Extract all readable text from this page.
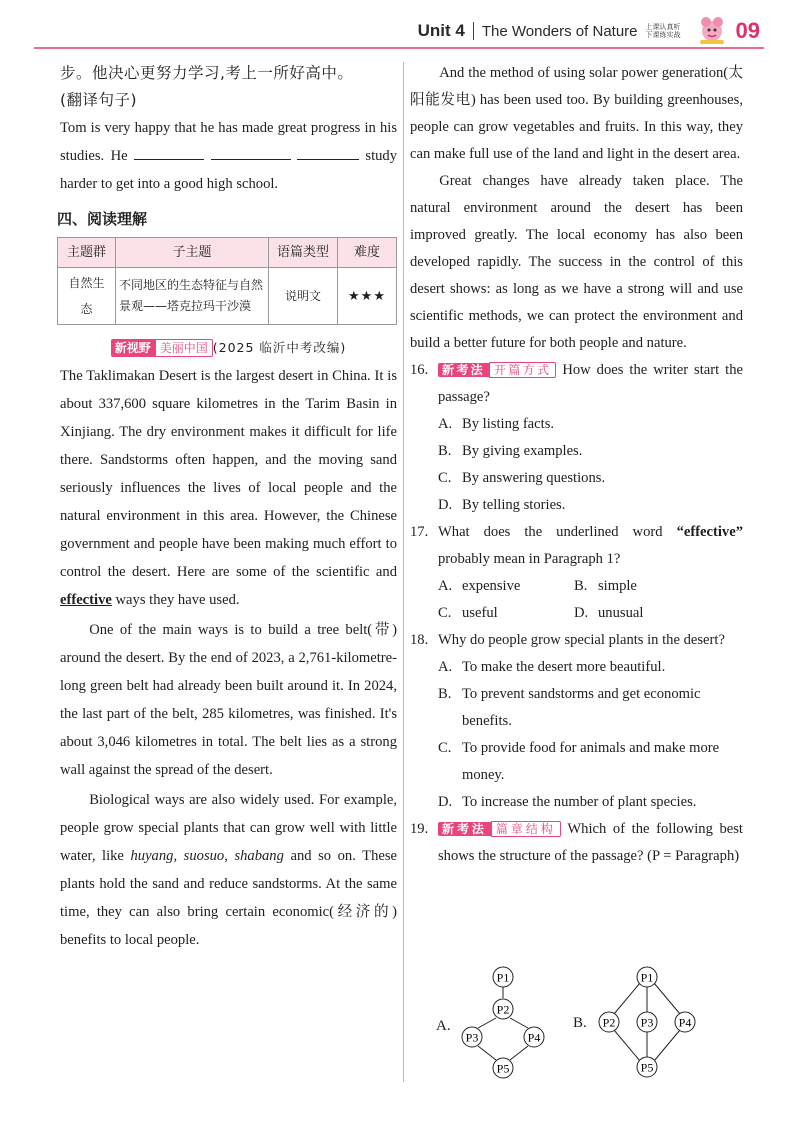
Unit 4 The Wonders of Nature 上课认真听
下课练实战	09

步。他决心更努力学习,考上一所好高中。

(翻译句子)

Tom is very happy that he has made great progress in his studies. He	study harder to get into a good high school.

四、阅读理解
主题群	子主题	语篇类型	难度
自然生态	不同地区的生态特征与自然景观——塔克拉玛干沙漠	说明文	★★★
新视野 美丽中国 (2025 临沂中考改编)

The Taklimakan Desert is the largest desert in China. It is about 337,600 square kilometres in the Tarim Basin in Xinjiang. The dry environment makes it difficult for life there. Sandstorms often happen, and the moving sand seriously influences the lives of local people and the natural environment in this area. However, the Chinese government and people have been making much effort to control the desert. Here are some of the scientific and effective ways they have used.

One of the main ways is to build a tree belt(带) around the desert. By the end of 2023, a 2,761-kilometre-long green belt had already been built around it. In 2024, the last part of the belt, 285 kilometres, was finished. It's about 3,046 kilometres in total. The belt lies as a strong wall against the spread of the desert.

Biological ways are also widely used. For example, people grow special plants that can grow well with little water, like huyang, suosuo, shabang and so on. These plants hold the sand and reduce sandstorms. At the same time, they can also bring certain economic(经济的) benefits to local people.

And the method of using solar power generation(太阳能发电) has been used too. By building greenhouses, people can grow vegetables and fruits. In this way, they can make full use of the land and light in the desert area.

Great changes have already taken place. The natural environment around the desert has been improved greatly. The local economy has also been developed rapidly. The success in the control of this desert shows: as long as we have a strong will and use scientific methods, we can protect the environment and build a better future for both people and nature.

16.	新考法 开篇方式 How does the writer start the passage?
A. By listing facts.
B. By giving examples.
C. By answering questions.
D. By telling stories.
17. What does the underlined word “effective” probably mean in Paragraph 1?
A. expensive	B. simple
C. useful	D. unusual
18. Why do people grow special plants in the desert?
A. To make the desert more beautiful.
B. To prevent sandstorms and get economic benefits.
C. To provide food for animals and make more money.
D. To increase the number of plant species.
19.	新考法 篇章结构 Which of the following best shows the structure of the passage? (P = Paragraph)
A.
P1
P2
P3	P4
P5
B.
P1
P2 P3 P4
P5
